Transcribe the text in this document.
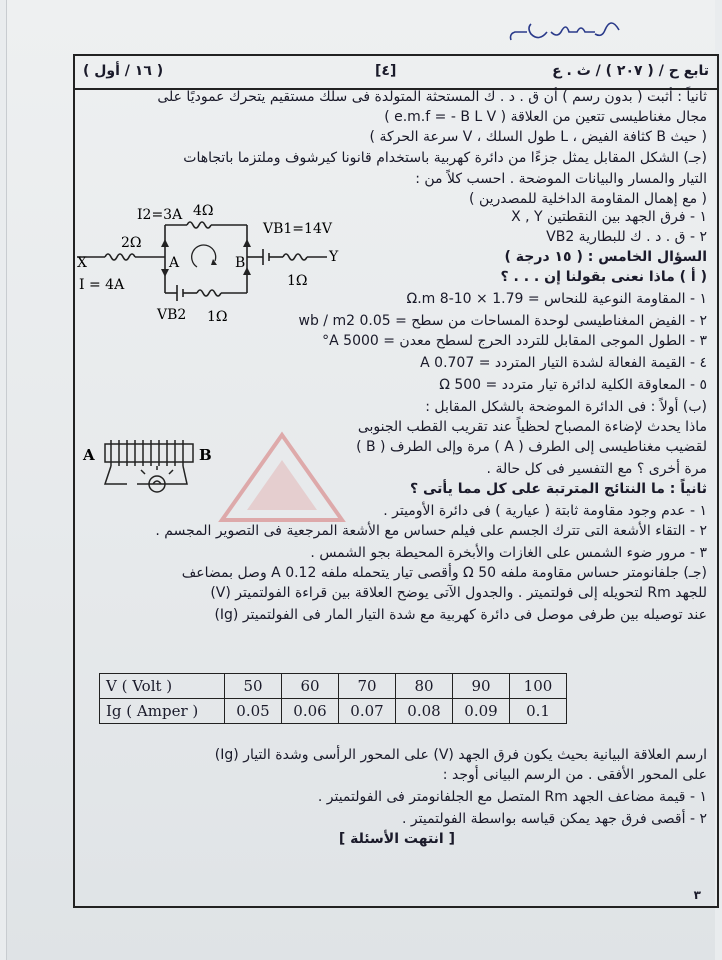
تابع ح / ( ٢٠٧ ) / ث . ع
[٤]
( ١٦ / أول )
ثانياً : أثبت ( بدون رسم ) أن ق . د . ك المستحثة المتولدة فى سلك مستقيم يتحرك عموديًا على
مجال مغناطيسى تتعين من العلاقة ( e.m.f = - B L V )
( حيث B كثافة الفيض ، L طول السلك ، V سرعة الحركة )
(جـ) الشكل المقابل يمثل جزءًا من دائرة كهربية باستخدام قانونا كيرشوف وملتزما باتجاهات
التيار والمسار والبيانات الموضحة . احسب كلاً من :
( مع إهمال المقاومة الداخلية للمصدرين )
١ - فرق الجهد بين النقطتين X , Y
٢ - ق . د . ك للبطارية VB2
السؤال الخامس : ( ١٥ درجة )
( أ ) ماذا نعنى بقولنا إن . . . ؟
١ - المقاومة النوعية للنحاس = 1.79 × 10-8 Ω.m
٢ - الفيض المغناطيسى لوحدة المساحات من سطح = 0.05 wb / m2
٣ - الطول الموجى المقابل للتردد الحرج لسطح معدن = 5000 A°
٤ - القيمة الفعالة لشدة التيار المتردد = 0.707 A
٥ - المعاوقة الكلية لدائرة تيار متردد = 500 Ω
(ب) أولاً : فى الدائرة الموضحة بالشكل المقابل :
ماذا يحدث لإضاءة المصباح لحظياً عند تقريب القطب الجنوبى
لقضيب مغناطيسى إلى الطرف ( A ) مرة وإلى الطرف ( B )
مرة أخرى ؟ مع التفسير فى كل حالة .
ثانياً : ما النتائج المترتبة على كل مما يأتى ؟
١ - عدم وجود مقاومة ثابتة ( عيارية ) فى دائرة الأوميتر .
٢ - التقاء الأشعة التى تترك الجسم على فيلم حساس مع الأشعة المرجعية فى التصوير المجسم .
٣ - مرور ضوء الشمس على الغازات والأبخرة المحيطة بجو الشمس .
(جـ) جلفانومتر حساس مقاومة ملفه Ω 50 وأقصى تيار يتحمله ملفه A 0.12 وصل بمضاعف
للجهد Rm لتحويله إلى فولتميتر . والجدول الآتى يوضح العلاقة بين قراءة الفولتميتر (V)
عند توصيله بين طرفى موصل فى دائرة كهربية مع شدة التيار المار فى الفولتميتر (Ig)
ارسم العلاقة البيانية بحيث يكون فرق الجهد (V) على المحور الرأسى وشدة التيار (Ig)
على المحور الأفقى . من الرسم البيانى أوجد :
١ - قيمة مضاعف الجهد Rm المتصل مع الجلفانومتر فى الفولتميتر .
٢ - أقصى فرق جهد يمكن قياسه بواسطة الفولتميتر .
[ انتهت الأسئلة ]
I2=3A 4Ω
VB1=14V
2Ω
X	A	B	Y
I = 4A	1Ω
VB2 1Ω
A	B
V ( Volt )	50	60	70	80	90	100
Ig ( Amper )	0.05	0.06	0.07	0.08	0.09	0.1
٣
